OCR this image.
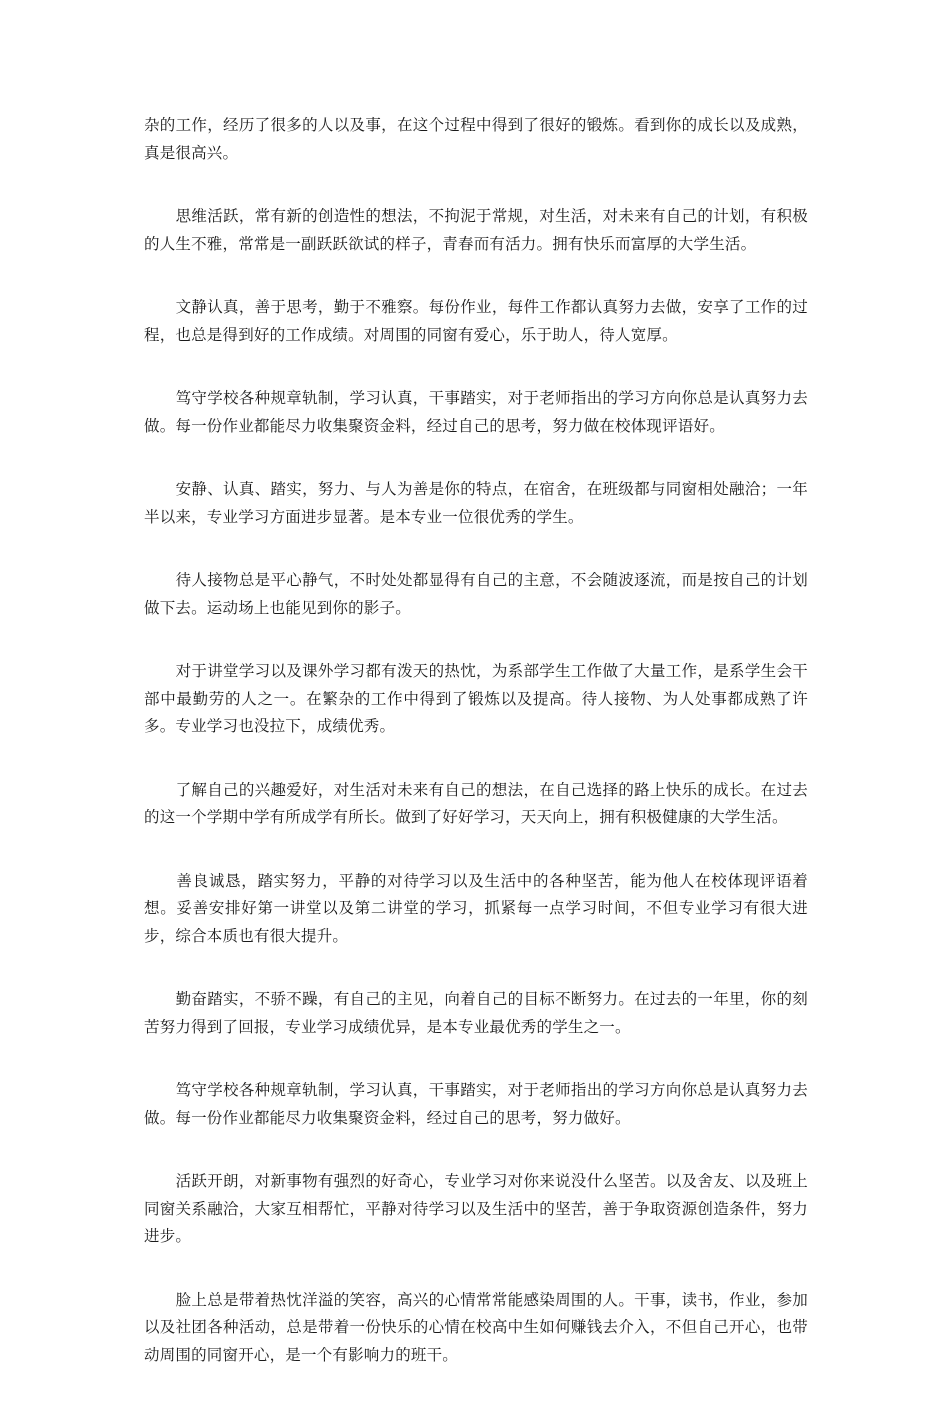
杂的工作，经历了很多的人以及事，在这个过程中得到了很好的锻炼。看到你的成长以及成熟，真是很高兴。

　　思维活跃，常有新的创造性的想法，不拘泥于常规，对生活，对未来有自己的计划，有积极的人生不雅，常常是一副跃跃欲试的样子，青春而有活力。拥有快乐而富厚的大学生活。

　　文静认真，善于思考，勤于不雅察。每份作业，每件工作都认真努力去做，安享了工作的过程，也总是得到好的工作成绩。对周围的同窗有爱心，乐于助人，待人宽厚。

　　笃守学校各种规章轨制，学习认真，干事踏实，对于老师指出的学习方向你总是认真努力去做。每一份作业都能尽力收集聚资金料，经过自己的思考，努力做在校体现评语好。

　　安静、认真、踏实，努力、与人为善是你的特点，在宿舍，在班级都与同窗相处融洽；一年半以来，专业学习方面进步显著。是本专业一位很优秀的学生。

　　待人接物总是平心静气，不时处处都显得有自己的主意，不会随波逐流，而是按自己的计划做下去。运动场上也能见到你的影子。

　　对于讲堂学习以及课外学习都有泼天的热忱，为系部学生工作做了大量工作，是系学生会干部中最勤劳的人之一。在繁杂的工作中得到了锻炼以及提高。待人接物、为人处事都成熟了许多。专业学习也没拉下，成绩优秀。

　　了解自己的兴趣爱好，对生活对未来有自己的想法，在自己选择的路上快乐的成长。在过去的这一个学期中学有所成学有所长。做到了好好学习，天天向上，拥有积极健康的大学生活。

　　善良诚恳，踏实努力，平静的对待学习以及生活中的各种坚苦，能为他人在校体现评语着想。妥善安排好第一讲堂以及第二讲堂的学习，抓紧每一点学习时间，不但专业学习有很大进步，综合本质也有很大提升。

　　勤奋踏实，不骄不躁，有自己的主见，向着自己的目标不断努力。在过去的一年里，你的刻苦努力得到了回报，专业学习成绩优异，是本专业最优秀的学生之一。

　　笃守学校各种规章轨制，学习认真，干事踏实，对于老师指出的学习方向你总是认真努力去做。每一份作业都能尽力收集聚资金料，经过自己的思考，努力做好。

　　活跃开朗，对新事物有强烈的好奇心，专业学习对你来说没什么坚苦。以及舍友、以及班上同窗关系融洽，大家互相帮忙，平静对待学习以及生活中的坚苦，善于争取资源创造条件，努力进步。

　　脸上总是带着热忱洋溢的笑容，高兴的心情常常能感染周围的人。干事，读书，作业，参加以及社团各种活动，总是带着一份快乐的心情在校高中生如何赚钱去介入，不但自己开心，也带动周围的同窗开心，是一个有影响力的班干。
